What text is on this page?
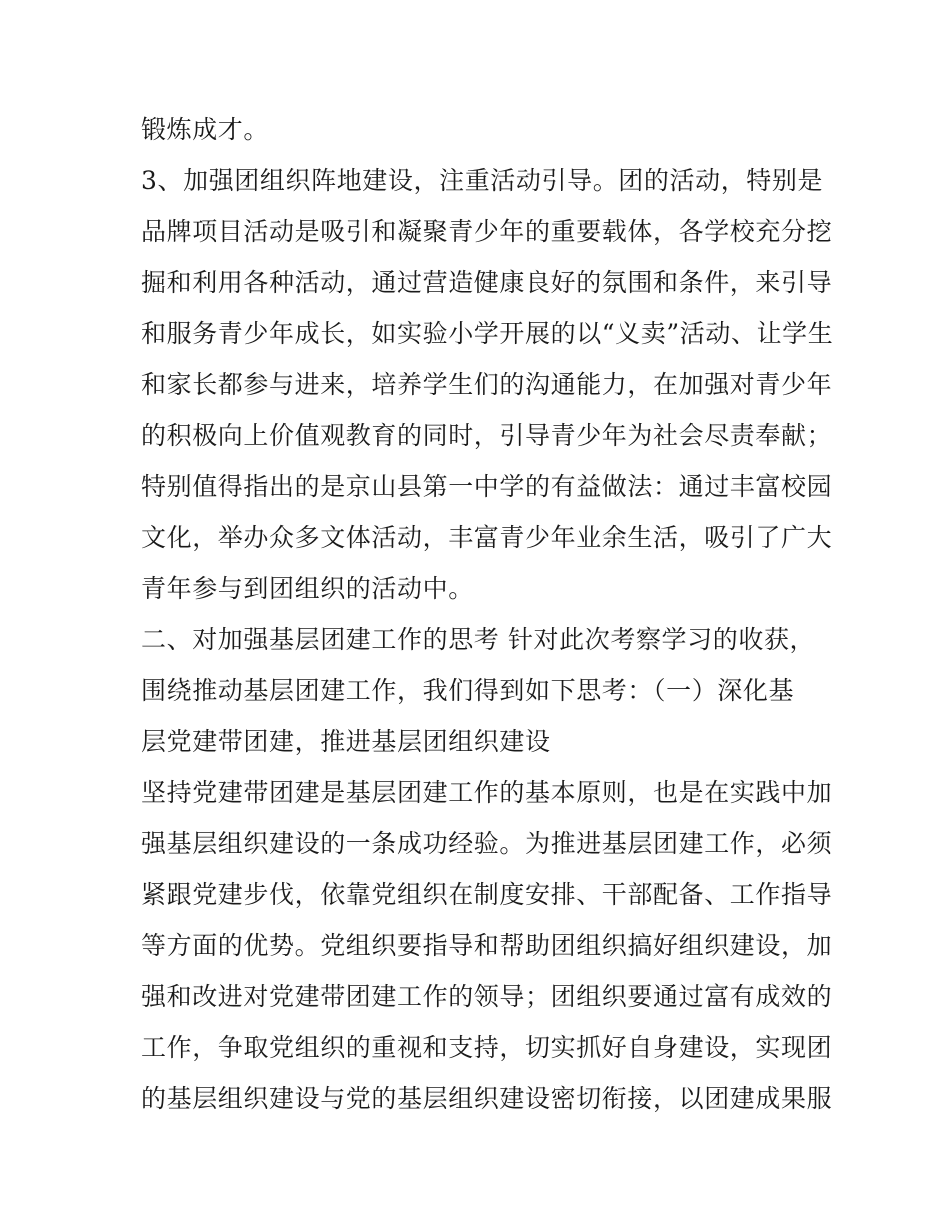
锻炼成才。
3、加强团组织阵地建设，注重活动引导。团的活动，特别是
品牌项目活动是吸引和凝聚青少年的重要载体，各学校充分挖
掘和利用各种活动，通过营造健康良好的氛围和条件，来引导
和服务青少年成长，如实验小学开展的以“义卖”活动、让学生
和家长都参与进来，培养学生们的沟通能力，在加强对青少年
的积极向上价值观教育的同时，引导青少年为社会尽责奉献；
特别值得指出的是京山县第一中学的有益做法：通过丰富校园
文化，举办众多文体活动，丰富青少年业余生活，吸引了广大
青年参与到团组织的活动中。
二、对加强基层团建工作的思考 针对此次考察学习的收获，
围绕推动基层团建工作，我们得到如下思考：（一）深化基
层党建带团建，推进基层团组织建设
坚持党建带团建是基层团建工作的基本原则，也是在实践中加
强基层组织建设的一条成功经验。为推进基层团建工作，必须
紧跟党建步伐，依靠党组织在制度安排、干部配备、工作指导
等方面的优势。党组织要指导和帮助团组织搞好组织建设，加
强和改进对党建带团建工作的领导；团组织要通过富有成效的
工作，争取党组织的重视和支持，切实抓好自身建设，实现团
的基层组织建设与党的基层组织建设密切衔接，以团建成果服
